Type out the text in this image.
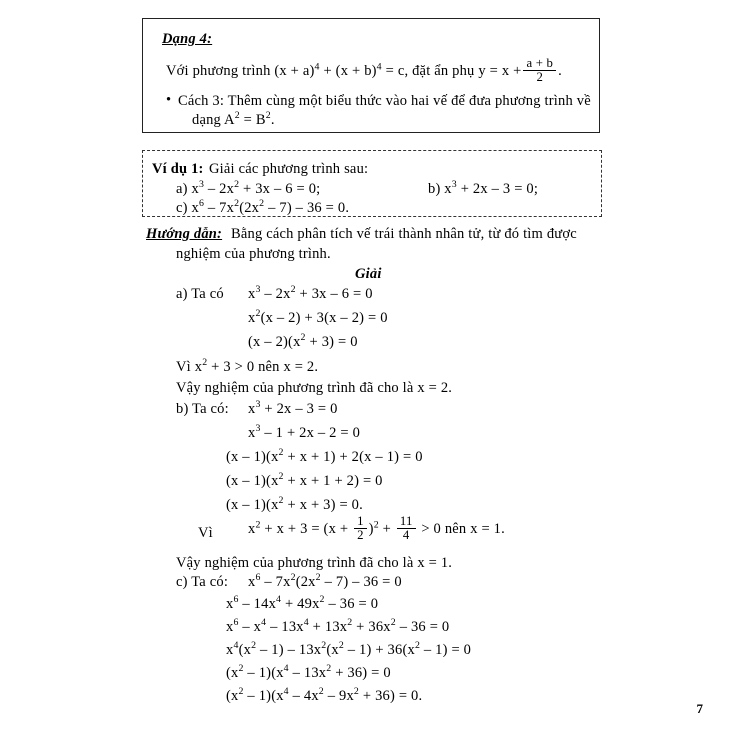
Dạng 4:
Với phương trình $(x + a)^4 + (x + b)^4 = c$, đặt ẩn phụ $y = x + \frac{a + b}{2}$ .
• Cách 3: Thêm cùng một biểu thức vào hai vế để đưa phương trình về
dạng $A^2 = B^2$.
Ví dụ 1: Giải các phương trình sau:
a) $x^3 - 2x^2 + 3x - 6 = 0$;	b) $x^3 + 2x - 3 = 0$;
c) $x^6 - 7x^2(2x^2 - 7) - 36 = 0$.
Hướng dẫn: Bằng cách phân tích vế trái thành nhân tử, từ đó tìm được
nghiệm của phương trình.
Giải
a) Ta có $x^3 - 2x^2 + 3x - 6 = 0$
$x^2(x - 2) + 3(x - 2) = 0$
$(x - 2)(x^2 + 3) = 0$
Vì $x^2 + 3 > 0$ nên x = 2.
Vậy nghiệm của phương trình đã cho là x = 2.
b) Ta có: $x^3 + 2x - 3 = 0$
$x^3 - 1 + 2x - 2 = 0$
$(x - 1)(x^2 + x + 1) + 2(x - 1) = 0$
$(x - 1)(x^2 + x + 1 + 2) = 0$
$(x - 1)(x^2 + x + 3) = 0$.
Vì $x^2 + x + 3 = (x + \frac{1}{2} )^2 + \frac{11}{4} > 0$ nên x = 1.
Vậy nghiệm của phương trình đã cho là x = 1.
c) Ta có: $x^6 - 7x^2(2x^2 - 7) - 36 = 0$
$x^6 - 14x^4 + 49x^2 - 36 = 0$
$x^6 - x^4 - 13x^4 + 13x^2 + 36x^2 - 36 = 0$
$x^4(x^2 - 1) - 13x^2(x^2 - 1) + 36(x^2 - 1) = 0$
$(x^2 - 1)(x^4 - 13x^2 + 36) = 0$
$(x^2 - 1)(x^4 - 4x^2 - 9x^2 + 36) = 0$.
7
